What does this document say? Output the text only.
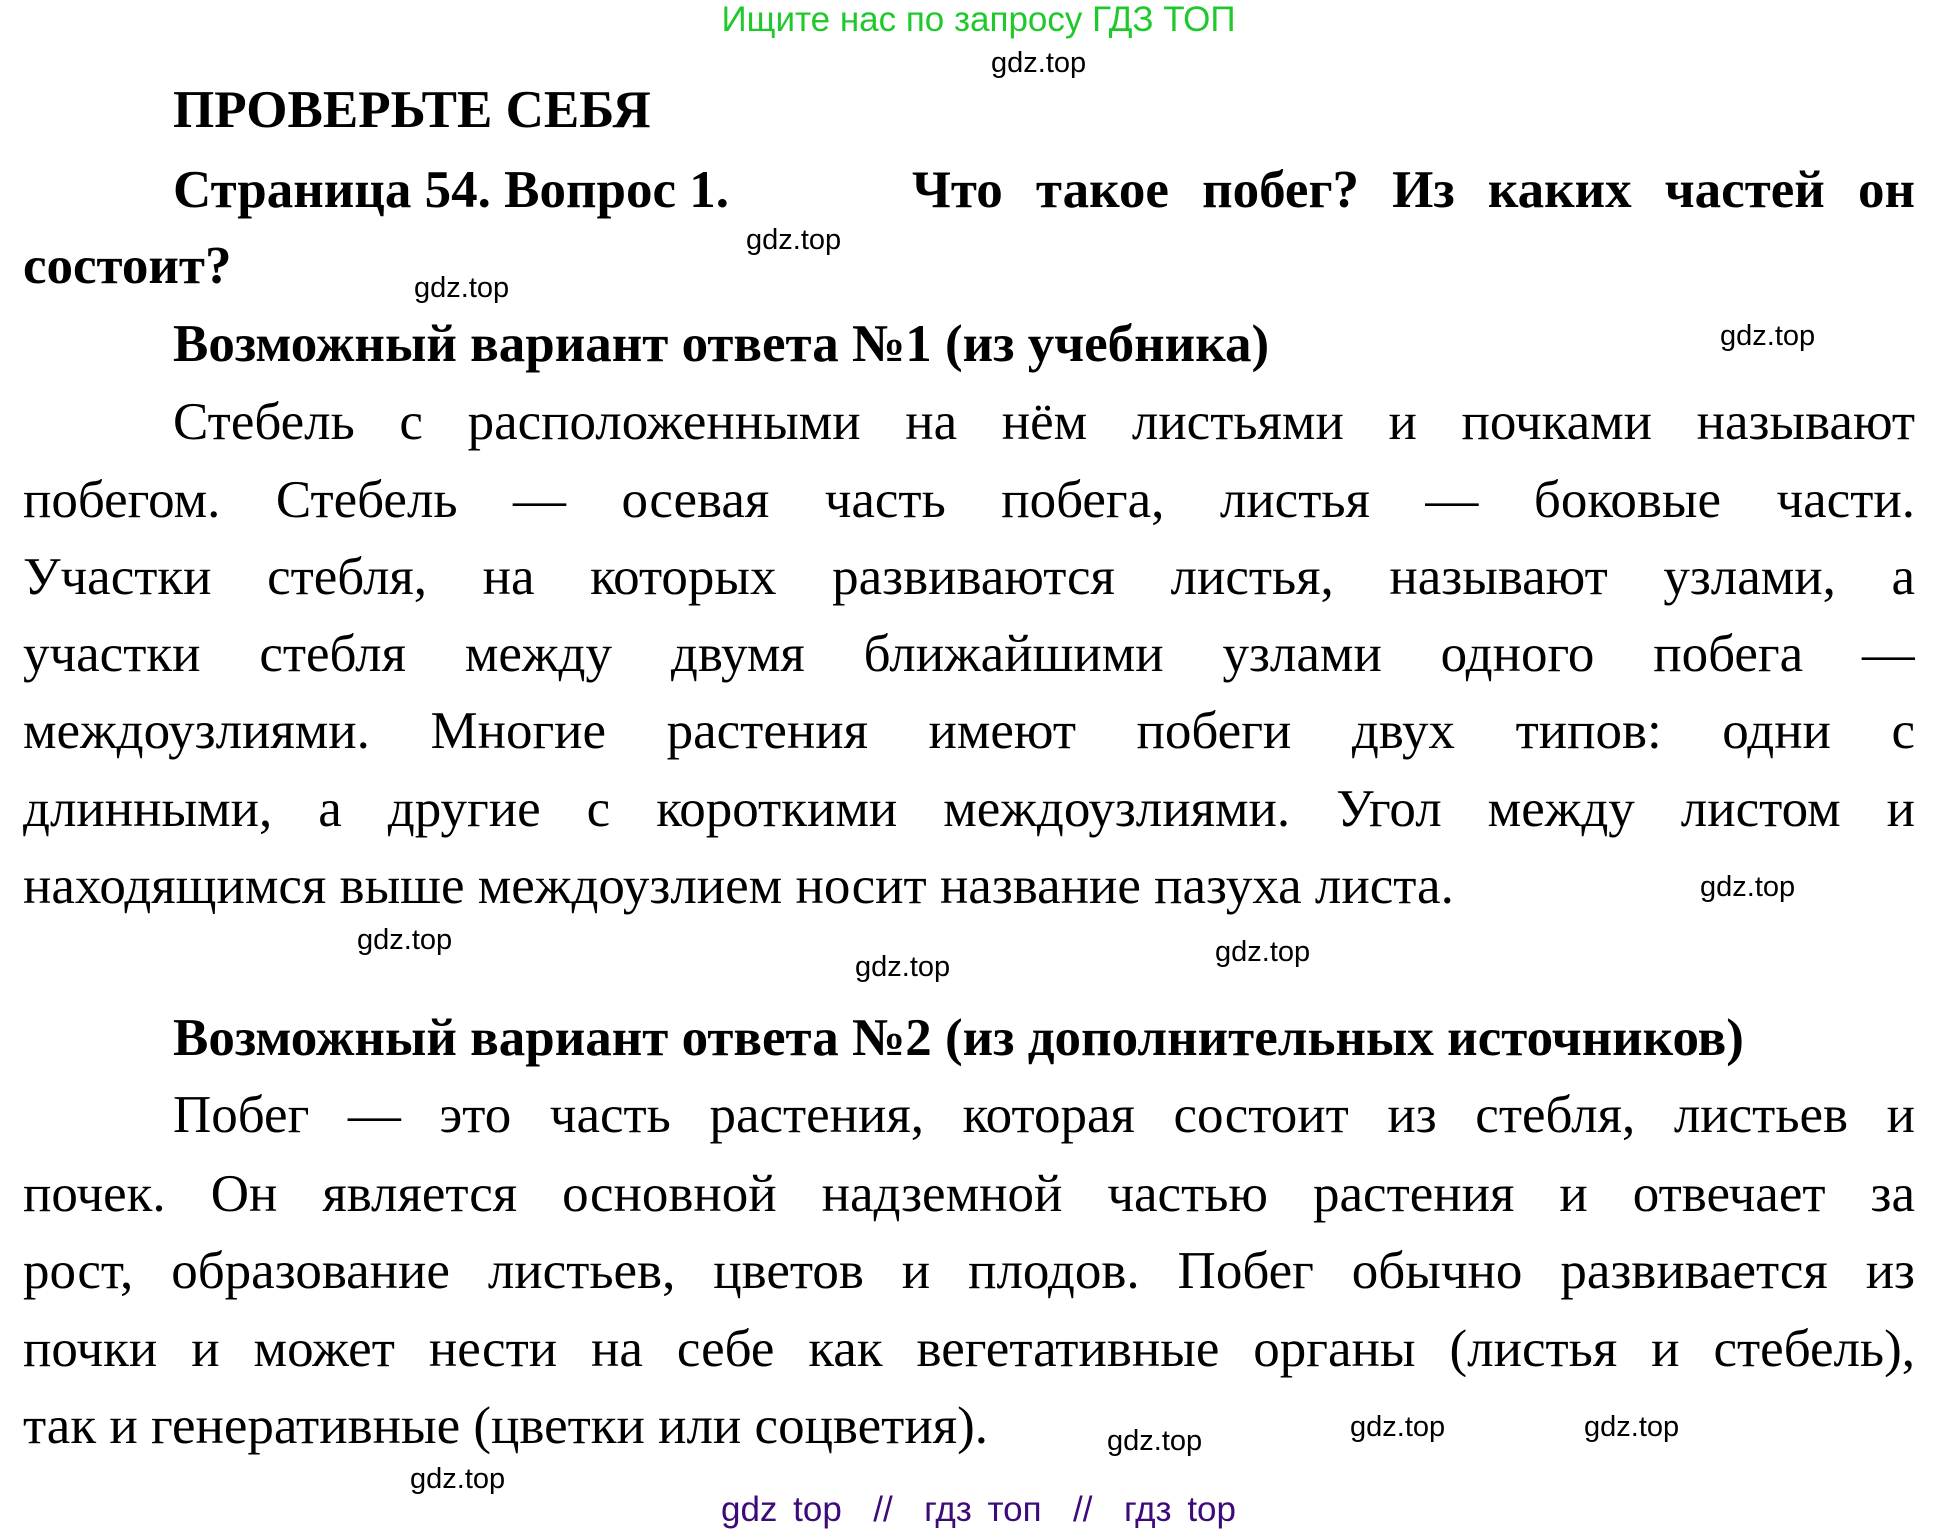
Ищите нас по запросу ГДЗ ТОП
ПРОВЕРЬТЕ СЕБЯ
Страница 54. Вопрос 1.	Что такое побег? Из каких частей он
состоит?
Возможный вариант ответа №1 (из учебника)
Стебель с расположенными на нём листьями и почками называют
побегом. Стебель — осевая часть побега, листья — боковые части.
Участки стебля, на которых развиваются листья, называют узлами, а
участки стебля между двумя ближайшими узлами одного побега —
междоузлиями. Многие растения имеют побеги двух типов: одни с
длинными, а другие с короткими междоузлиями. Угол между листом и
находящимся выше междоузлием носит название пазуха листа.
Возможный вариант ответа №2 (из дополнительных источников)
Побег — это часть растения, которая состоит из стебля, листьев и
почек. Он является основной надземной частью растения и отвечает за
рост, образование листьев, цветов и плодов. Побег обычно развивается из
почки и может нести на себе как вегетативные органы (листья и стебель),
так и генеративные (цветки или соцветия).
gdz.top
gdz.top
gdz.top
gdz.top
gdz.top
gdz.top
gdz.top
gdz.top
gdz.top
gdz.top
gdz.top
gdz.top
gdz top  //  гдз топ  //  гдз top
